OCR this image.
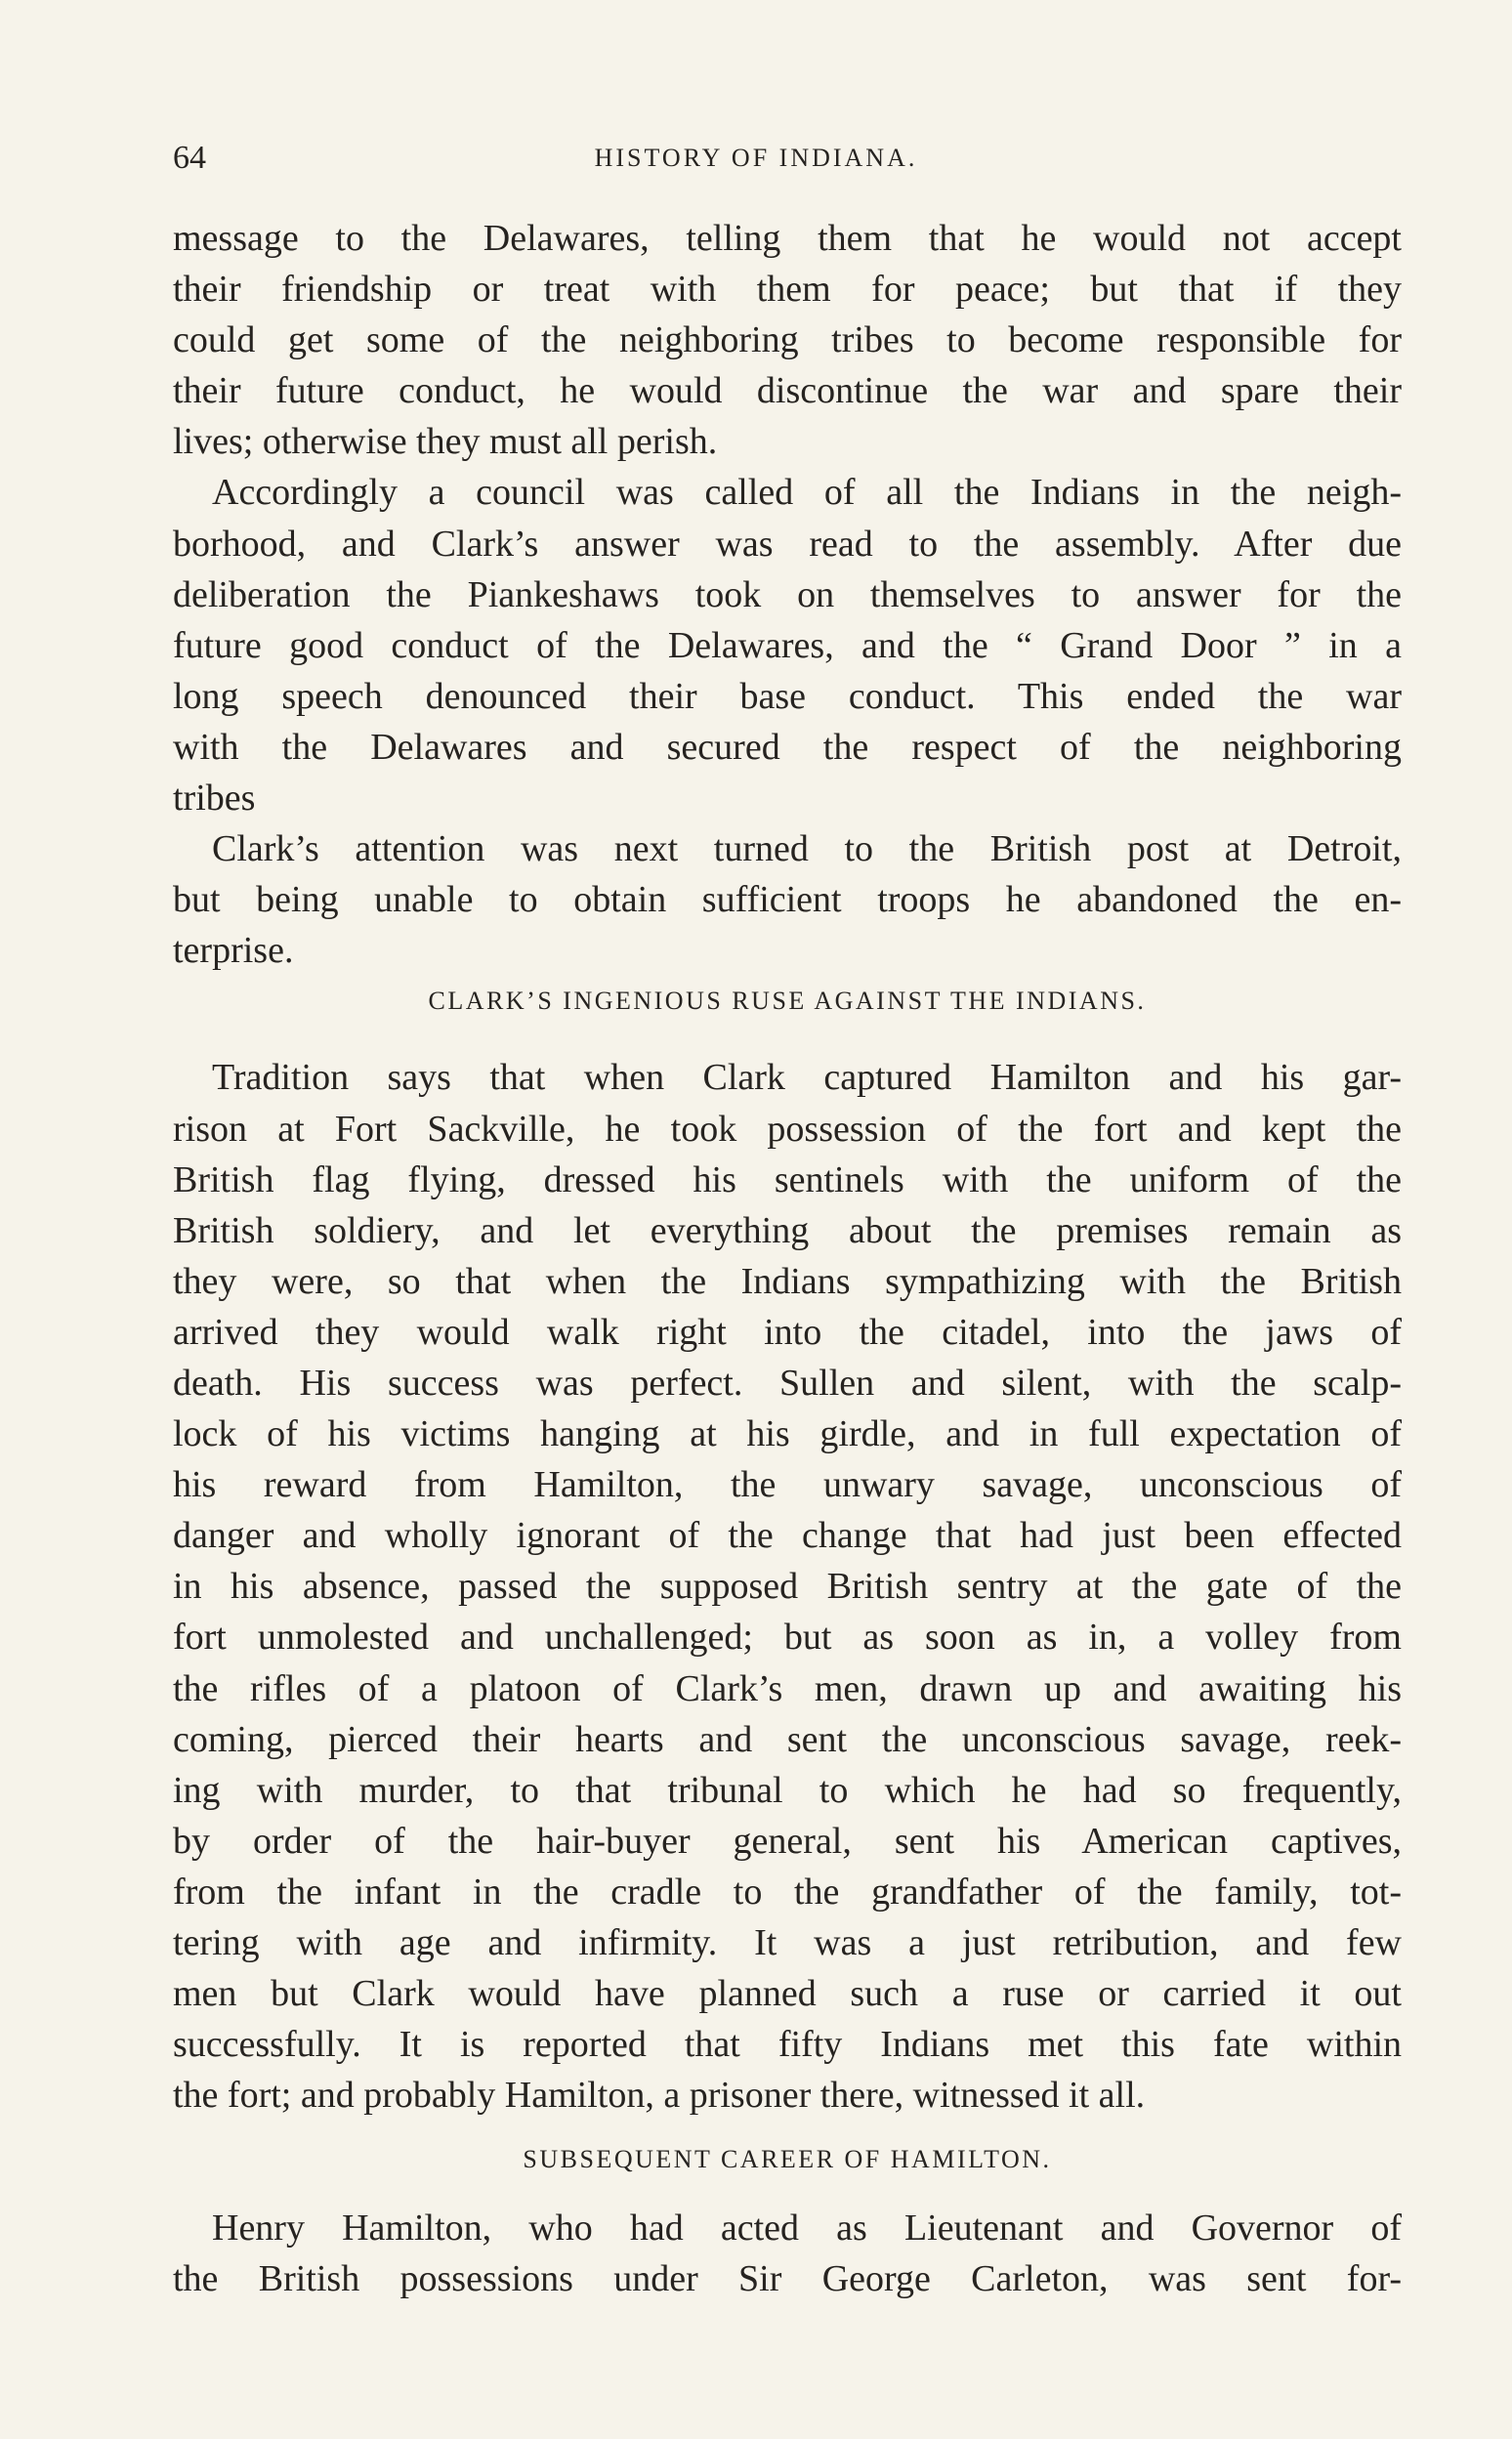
64	HISTORY OF INDIANA.
message to the Delawares, telling them that he would not accept
their friendship or treat with them for peace; but that if they
could get some of the neighboring tribes to become responsible for
their future conduct, he would discontinue the war and spare their
lives; otherwise they must all perish.
Accordingly a council was called of all the Indians in the neigh-
borhood, and Clark’s answer was read to the assembly. After due
deliberation the Piankeshaws took on themselves to answer for the
future good conduct of the Delawares, and the “ Grand Door ” in a
long speech denounced their base conduct. This ended the war
with the Delawares and secured the respect of the neighboring
tribes
Clark’s attention was next turned to the British post at Detroit,
but being unable to obtain sufficient troops he abandoned the en-
terprise.
CLARK’S INGENIOUS RUSE AGAINST THE INDIANS.
Tradition says that when Clark captured Hamilton and his gar-
rison at Fort Sackville, he took possession of the fort and kept the
British flag flying, dressed his sentinels with the uniform of the
British soldiery, and let everything about the premises remain as
they were, so that when the Indians sympathizing with the British
arrived they would walk right into the citadel, into the jaws of
death. His success was perfect. Sullen and silent, with the scalp-
lock of his victims hanging at his girdle, and in full expectation of
his reward from Hamilton, the unwary savage, unconscious of
danger and wholly ignorant of the change that had just been effected
in his absence, passed the supposed British sentry at the gate of the
fort unmolested and unchallenged; but as soon as in, a volley from
the rifles of a platoon of Clark’s men, drawn up and awaiting his
coming, pierced their hearts and sent the unconscious savage, reek-
ing with murder, to that tribunal to which he had so frequently,
by order of the hair-buyer general, sent his American captives,
from the infant in the cradle to the grandfather of the family, tot-
tering with age and infirmity. It was a just retribution, and few
men but Clark would have planned such a ruse or carried it out
successfully. It is reported that fifty Indians met this fate within
the fort; and probably Hamilton, a prisoner there, witnessed it all.
SUBSEQUENT CAREER OF HAMILTON.
Henry Hamilton, who had acted as Lieutenant and Governor of
the British possessions under Sir George Carleton, was sent for-
